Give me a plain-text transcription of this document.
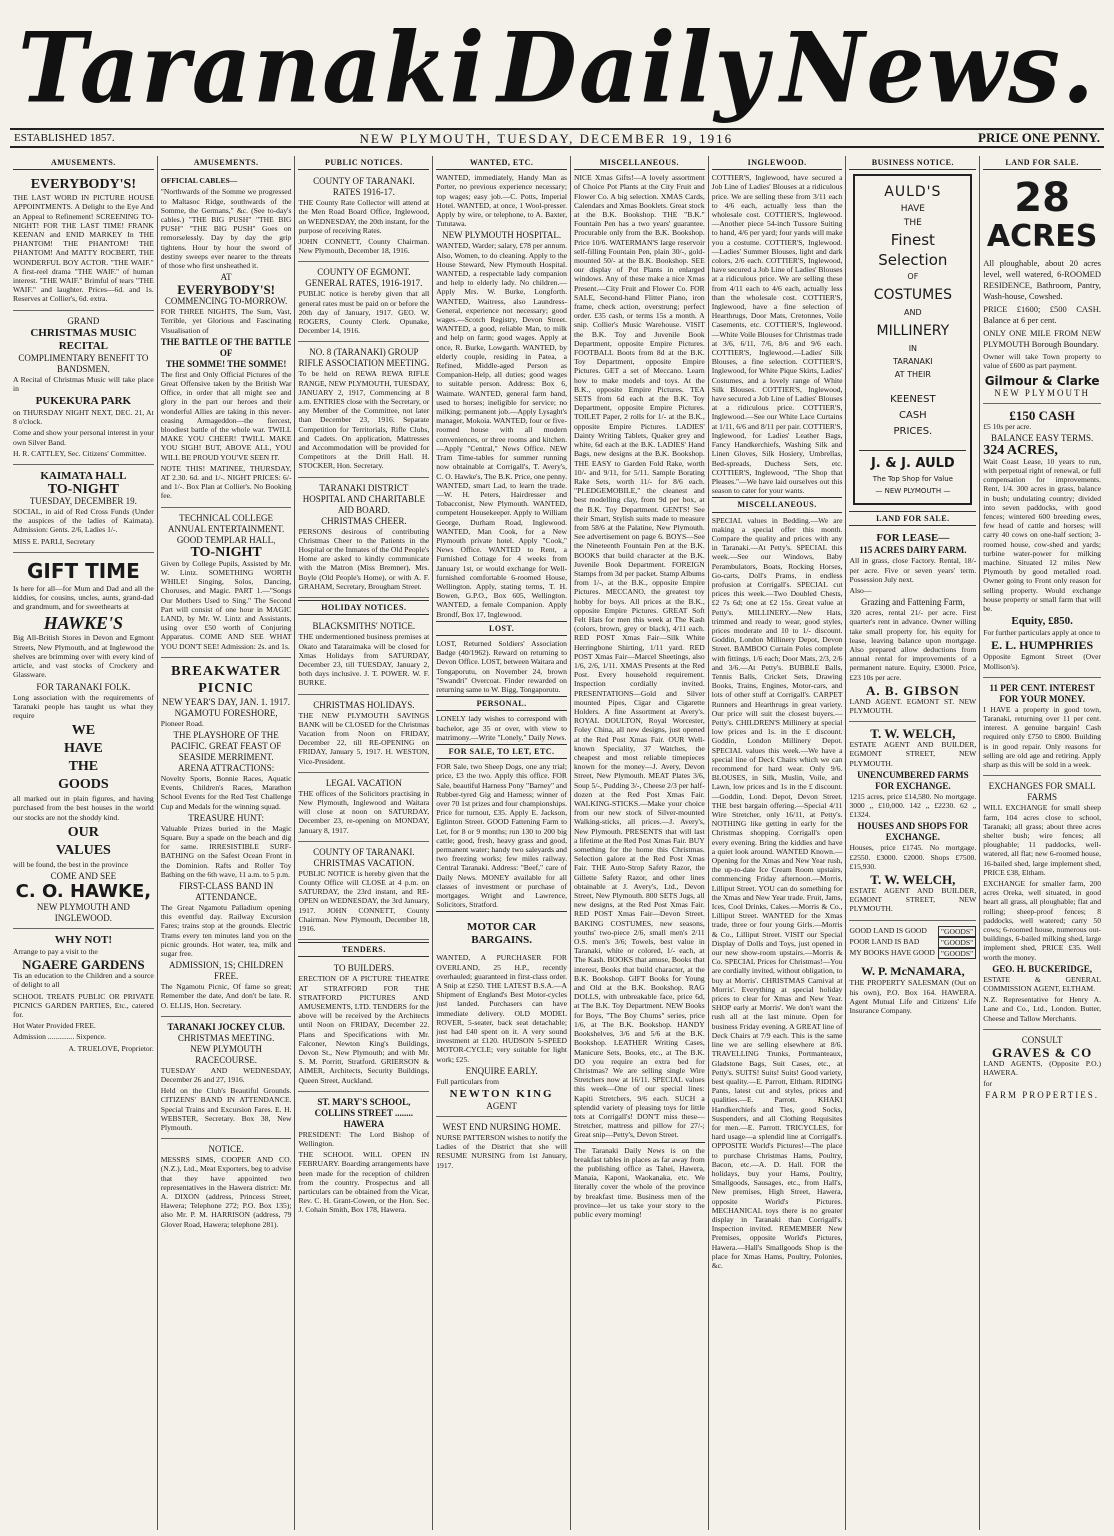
Taranaki Daily News.
ESTABLISHED 1857.	NEW PLYMOUTH, TUESDAY, DECEMBER 19, 1916	PRICE ONE PENNY.
AMUSEMENTS.
EVERYBODY'S!
THE LAST WORD IN PICTURE HOUSE APPOINTMENTS. A Delight to the Eye And an Appeal to Refinement! SCREENING TO-NIGHT! FOR THE LAST TIME! FRANK KEENAN and ENID MARKEY In THE PHANTOM! THE PHANTOM! THE PHANTOM! And MATTY ROCBERT, THE WONDERFUL BOY ACTOR. "THE WAIF." A first-reel drama "THE WAIF." of human interest. "THE WAIF." Brimful of tears "THE WAIF." and laughter. Prices—6d. and 1s. Reserves at Collier's, 6d. extra.
GRAND
CHRISTMAS MUSIC RECITAL
COMPLIMENTARY BENEFIT TO BANDSMEN.
A Recital of Christmas Music will take place in
PUKEKURA PARK
on THURSDAY NIGHT NEXT, DEC. 21, At 8 o'clock.
Come and show your personal interest in your own Silver Band.
H. R. CATTLEY, Sec. Citizens' Committee.
KAIMATA HALL
TO-NIGHT
TUESDAY, DECEMBER 19.
SOCIAL, in aid of Red Cross Funds (Under the auspices of the ladies of Kaimata). Admission: Gents. 2/6, Ladies 1/-.
MISS E. PARLI, Secretary
GIFT TIME
Is here for all—for Mum and Dad and all the kiddies, for cousins, uncles, aunts, grand-dad and grandmum, and for sweethearts at
HAWKE'S
Big All-British Stores in Devon and Egmont Streets, New Plymouth, and at Inglewood the shelves are brimming over with every kind of article, and vast stocks of Crockery and Glassware.
FOR TARANAKI FOLK.
Long association with the requirements of Taranaki people has taught us what they require
WE
HAVE
THE
GOODS
all marked out in plain figures, and having purchased from the best houses in the world our stocks are not the shoddy kind.
OUR
VALUES
will be found, the best in the province
COME AND SEE
C. O. HAWKE,
NEW PLYMOUTH AND INGLEWOOD.
WHY NOT!
Arrange to pay a visit to the
NGAERE GARDENS
Tis an education to the Children and a source of delight to all
SCHOOL TREATS PUBLIC OR PRIVATE PICNICS GARDEN PARTIES, Etc., catered for.
Hot Water Provided FREE.
Admission .............. Sixpence.
A. TRUELOVE, Proprietor.
AMUSEMENTS.
OFFICIAL CABLES—
"Northwards of the Somme we progressed to Maltasoc Ridge, southwards of the Somme, the Germans," &c. (See to-day's cables.) "THE BIG PUSH" "THE BIG PUSH" "THE BIG PUSH" Goes on remorselessly. Day by day the grip tightens. Hour by hour the sword of destiny sweeps ever nearer to the threats of those who first unsheathed it.
AT
EVERYBODY'S!
COMMENCING TO-MORROW.
FOR THREE NIGHTS, The Sum, Vast, Terrible, yet Glorious and Fascinating Visualisation of
THE BATTLE OF THE BATTLE OF
THE SOMME! THE SOMME!
The first and Only Official Pictures of the Great Offensive taken by the British War Office, in order that all might see and glory in the part our heroes and their wonderful Allies are taking in this never-ceasing Armageddon—the fiercest, bloodiest battle of the whole war. TWILL MAKE YOU CHEER! TWILL MAKE YOU SIGH! BUT, ABOVE ALL, YOU WILL BE PROUD YOU'VE SEEN IT.
NOTE THIS! MATINEE, THURSDAY, AT 2.30. 6d. and 1/-. NIGHT PRICES: 6/- and 1/-. Box Plan at Collier's. No Booking fee.
TECHNICAL COLLEGE ANNUAL ENTERTAINMENT.
GOOD TEMPLAR HALL,
TO-NIGHT
Given by College Pupils, Assisted by Mr. W. Lintz. SOMETHING WORTH WHILE! Singing, Solos, Dancing, Choruses, and Magic. PART 1.—"Songs Our Mothers Used to Sing." The Second Part will consist of one hour in MAGIC LAND, by Mr. W. Lintz and Assistants, using over £50 worth of Conjuring Apparatus. COME AND SEE WHAT YOU DON'T SEE! Admission: 2s. and 1s.
BREAKWATER PICNIC
NEW YEAR'S DAY, JAN. 1. 1917.
NGAMOTU FORESHORE,
Pioneer Road.
THE PLAYSHORE OF THE PACIFIC. GREAT FEAST OF SEASIDE MERRIMENT.
ARENA ATTRACTIONS:
Novelty Sports, Bonnie Races, Aquatic Events, Children's Races, Marathon School Events for the Red Test Challenge Cup and Medals for the winning squad.
TREASURE HUNT:
Valuable Prizes buried in the Magic Square. Buy a spade on the beach and dig for same. IRRESISTIBLE SURF-BATHING on the Safest Ocean Front in the Dominion. Rafts and Roller Toy Bathing on the 6th wave, 11 a.m. to 5 p.m.
FIRST-CLASS BAND IN ATTENDANCE.
The Great Ngamotu Palladium opening this eventful day. Railway Excursion Fares; trains stop at the grounds. Electric Trams every ten minutes land you on the picnic grounds. Hot water, tea, milk and sugar free.
ADMISSION, 1S; CHILDREN FREE.
The Ngamotu Picnic, Of fame so great; Remember the date, And don't be late. R. O. ELLIS, Hon. Secretary.
TARANAKI JOCKEY CLUB.
CHRISTMAS MEETING.
NEW PLYMOUTH RACECOURSE.
TUESDAY AND WEDNESDAY, December 26 and 27, 1916.
Held on the Club's Beautiful Grounds. CITIZENS' BAND IN ATTENDANCE. Special Trains and Excursion Fares. E. H. WEBSTER, Secretary. Box 38, New Plymouth.
NOTICE.
MESSRS SIMS, COOPER AND CO. (N.Z.), Ltd., Meat Exporters, beg to advise that they have appointed two representatives in the Hawera district: Mr. A. DIXON (address, Princess Street, Hawera; Telephone 272; P.O. Box 135); also Mr. P. M. HARRISON (address, 79 Glover Road, Hawera; telephone 281).
PUBLIC NOTICES.
COUNTY OF TARANAKI.
RATES 1916-17.
THE County Rate Collector will attend at the Men Road Board Office, Inglewood, on WEDNESDAY, the 20th instant, for the purpose of receiving Rates.
JOHN CONNETT, County Chairman. New Plymouth, December 18, 1916.
COUNTY OF EGMONT.
GENERAL RATES, 1916-1917.
PUBLIC notice is hereby given that all general rates must be paid on or before the 20th day of January, 1917. GEO. W. ROGERS, County Clerk. Opunake, December 14, 1916.
NO. 8 (TARANAKI) GROUP RIFLE ASSOCIATION MEETING.
To be held on REWA REWA RIFLE RANGE, NEW PLYMOUTH, TUESDAY, JANUARY 2, 1917, Commencing at 8 a.m. ENTRIES close with the Secretary, or any Member of the Committee, not later than December 23, 1916. Separate Competition for Territorials, Rifle Clubs, and Cadets. On application, Mattresses and Accommodation will be provided for Competitors at the Drill Hall. H. STOCKER, Hon. Secretary.
TARANAKI DISTRICT HOSPITAL AND CHARITABLE AID BOARD.
CHRISTMAS CHEER.
PERSONS desirous of contributing Christmas Cheer to the Patients in the Hospital or the Inmates of the Old People's Home are asked to kindly communicate with the Matron (Miss Bremner), Mrs. Boyle (Old People's Home), or with A. F. GRAHAM, Secretary, Brougham Street.
HOLIDAY NOTICES.
BLACKSMITHS' NOTICE.
THE undermentioned business premises at Okato and Tataraimaka will be closed for Xmas Holidays from SATURDAY, December 23, till TUESDAY, January 2, both days inclusive. J. T. POWER. W. F. BURKE.
CHRISTMAS HOLIDAYS.
THE NEW PLYMOUTH SAVINGS BANK will be CLOSED for the Christmas Vacation from Noon on FRIDAY, December 22, till RE-OPENING on FRIDAY, January 5, 1917. H. WESTON, Vice-President.
LEGAL VACATION
THE offices of the Solicitors practising in New Plymouth, Inglewood and Waitara will close at noon on SATURDAY, December 23, re-opening on MONDAY, January 8, 1917.
COUNTY OF TARANAKI.
CHRISTMAS VACATION.
PUBLIC NOTICE is hereby given that the County Office will CLOSE at 4 p.m. on SATURDAY, the 23rd instant, and RE-OPEN on WEDNESDAY, the 3rd January, 1917. JOHN CONNETT, County Chairman. New Plymouth, December 18, 1916.
TENDERS.
TO BUILDERS.
ERECTION OF A PICTURE THEATRE AT STRATFORD FOR THE STRATFORD PICTURES AND AMUSEMENTS, LTD. TENDERS for the above will be received by the Architects until Noon on FRIDAY, December 22. Plans and Specifications with Mr. Falconer, Newton King's Buildings, Devon St., New Plymouth; and with Mr. S. M. Porritt, Stratford. GRIERSON & AIMER, Architects, Security Buildings, Queen Street, Auckland.
ST. MARY'S SCHOOL, COLLINS STREET ........ HAWERA
PRESIDENT: The Lord Bishop of Wellington.
THE SCHOOL WILL OPEN IN FEBRUARY. Boarding arrangements have been made for the reception of children from the country. Prospectus and all particulars can be obtained from the Vicar, Rev. C. H. Grant-Cowen, or the Hon. Sec. J. Cohain Smith, Box 178, Hawera.
WANTED, ETC.
WANTED, immediately, Handy Man as Porter, no previous experience necessary; top wages; easy job.—C. Potts, Imperial Hotel. WANTED, at once, 1 Wool-presser. Apply by wire, or telephone, to A. Baxter, Tututawa.
NEW PLYMOUTH HOSPITAL.
WANTED, Warder; salary, £78 per annum. Also, Women, to do cleaning. Apply to the House Steward, New Plymouth Hospital. WANTED, a respectable lady companion and help to elderly lady. No children.—Apply Mrs. W. Burke, Longforth. WANTED, Waitress, also Laundress-General, experience not necessary; good wages.—Scotch Registry, Devon Street. WANTED, a good, reliable Man, to milk and help on farm; good wages. Apply at once, R. Burke, Lowgarth. WANTED, by elderly couple, residing in Patea, a Refined, Middle-aged Person as Companion-Help, all duties; good wages to suitable person. Address: Box 6, Waimate. WANTED, general farm hand, used to horses; ineligible for service; no milking; permanent job.—Apply Lysaght's manager, Mokoia. WANTED, four or five-roomed house with all modern conveniences, or three rooms and kitchen.—Apply "Central," News Office. NEW Tram Time-tables for summer running now obtainable at Corrigall's, T. Avery's, C. O. Hawke's, The B.K. Price, one penny. WANTED, smart Lad, to learn the trade.—W. H. Peters, Hairdresser and Tobacconist, New Plymouth. WANTED, competent Housekeeper. Apply to William George, Durham Road, Inglewood. WANTED, Man Cook, for a New Plymouth private hotel. Apply "Cook," News Office. WANTED to Rent, a Furnished Cottage for 4 weeks from January 1st, or would exchange for Well-furnished comfortable 6-roomed House, Wellington. Apply, stating terms, T. H. Bowen, G.P.O., Box 605, Wellington. WANTED, a female Companion. Apply Brondf, Box 17, Inglewood.
LOST.
LOST, Returned Soldiers' Association Badge (40/1962). Reward on returning to Devon Office. LOST, between Waitara and Tongaporutu, on November 24, brown "Swandri" Overcoat. Finder rewarded on returning same to W. Bigg, Tongaporutu.
PERSONAL.
LONELY lady wishes to correspond with bachelor, age 35 or over, with view to matrimony.—Write "Lonely," Daily News.
FOR SALE, TO LET, ETC.
FOR Sale, two Sheep Dogs, one any trial; price, £3 the two. Apply this office. FOR Sale, beautiful Harness Pony "Barney" and Rubber-tyred Gig and Harness; winner of over 70 1st prizes and four championships. Price for turnout, £35. Apply E. Jackson, Eglinton Street. GOOD Fattening Farm to Let, for 8 or 9 months; run 130 to 200 big cattle; good, fresh, heavy grass and good, permanent water; handy two saleyards and two freezing works; few miles railway. Central Taranaki. Address: "Beef," care of Daily News. MONEY available for all classes of investment or purchase of mortgages. Wright and Lawrence, Solicitors, Stratford.
MOTOR CAR BARGAINS.
WANTED, A PURCHASER FOR OVERLAND, 25 H.P., recently overhauled; guaranteed in first-class order. A Snip at £250. THE LATEST B.S.A.—A Shipment of England's Best Motor-cycles just landed. Purchasers can have immediate delivery. OLD MODEL ROVER, 5-seater, back seat detachable; just had £40 spent on it. A very sound investment at £120. HUDSON 5-SPEED MOTOR-CYCLE; very suitable for light work; £25.
ENQUIRE EARLY.
Full particulars from
NEWTON KING
AGENT
WEST END NURSING HOME.
NURSE PATTERSON wishes to notify the Ladies of the District that she will RESUME NURSING from 1st January, 1917.
MISCELLANEOUS.
NICE Xmas Gifts!—A lovely assortment of Choice Pot Plants at the City Fruit and Flower Co. A big selection. XMAS Cards, Calendars and Xmas Booklets. Great stock at the B.K. Bookshop. THE "B.K." Fountain Pen has a two years' guarantee. Procurable only from the B.K. Bookshop. Price 10/6. WATERMAN'S large reservoir self-filling Fountain Pen, plain 30/-, gold-mounted 50/- at the B.K. Bookshop. SEE our display of Pot Plants in enlarged windows. Any of these make a nice Xmas Present.—City Fruit and Flower Co. FOR SALE, Second-hand Flitter Piano, iron frame, check action, overstrung; perfect order. £35 cash, or terms 15s a month. A snip. Collier's Music Warehouse. VISIT the B.K. Toy and Juvenile Book Department, opposite Empire Pictures. FOOTBALL Boots from 8d at the B.K. Toy Department, opposite Empire Pictures. GET a set of Meccano. Learn how to make models and toys. At the B.K., opposite Empire Pictures. TEA SETS from 6d each at the B.K. Toy Department, opposite Empire Pictures. TOILET Paper, 2 rolls for 1/- at the B.K., opposite Empire Pictures. LADIES' Dainty Writing Tablets, Quaker grey and white, 6d each at the B.K. LADIES' Hand Bags, new designs at the B.K. Bookshop. THE EASY to Garden Fold Rake, worth 10/- and 9/11, for 5/11. Sample Borating Rake Sets, worth 11/- for 8/6 each. "PLEDGEMOBILE," the cleanest and best modelling clay, from 9d per box, at the B.K. Toy Department. GENTS! See their Smart, Stylish suits made to measure from 58/6 at the Palatine, New Plymouth. See advertisement on page 6. BOYS—See the Nineteenth Fountain Pen at the B.K. BOOKS that build character at the B.K. Juvenile Book Department. FOREIGN Stamps from 3d per packet. Stamp Albums from 1/-, at the B.K., opposite Empire Pictures. MECCANO, the greatest toy hobby for boys. All prices at the B.K., opposite Empire Pictures. GREAT Soft Felt Hats for men this week at The Kash (colors, brown, grey or black), 4/11 each. RED POST Xmas Fair—Silk White Herringbone Shirting, 1/11 yard. RED POST Xmas Fair—Marcel Sheetings, also 1/6, 2/6, 1/11. XMAS Presents at the Red Post. Every household requirement. Inspection cordially invited. PRESENTATIONS—Gold and Silver mounted Pipes, Cigar and Cigarette Holders. A fine Assortment at Avery's. ROYAL DOULTON, Royal Worcester, Foley China, all new designs, just opened at the Red Post Xmas Fair. OUR Well-known Speciality, 37 Watches, the cheapest and most reliable timepieces known for the money—J. Avery, Devon Street, New Plymouth. MEAT Plates 3/6, Soup 5/-, Pudding 3/-, Cheese 2/3 per half-dozen at the Red Post Xmas Fair. WALKING-STICKS.—Make your choice from our new stock of Silver-mounted Walking-sticks, all prices.—J. Avery's, New Plymouth. PRESENTS that will last a lifetime at the Red Post Xmas Fair. BUY something for the home this Christmas. Selection galore at the Red Post Xmas Fair. THE Auto-Strop Safety Razor, the Gillette Safety Razor, and other lines obtainable at J. Avery's, Ltd., Devon Street, New Plymouth. 800 SETS Jugs, all new designs, at the Red Post Xmas Fair. RED POST Xmas Fair—Devon Street. BAKING COSTUMES, new seasons, youths' two-piece 2/6, small men's 2/11 O.S. men's 3/6; Towels, best value in Taranaki, white or colored, 1/- each, at The Kash. BOOKS that amuse, Books that interest, Books that build character, at the B.K. Bookshop. GIFT Books for Young and Old at the B.K. Bookshop. RAG DOLLS, with unbreakable face, price 6d, at The B.K. Toy Department. NEW Books for Boys, "The Boy Chums" series, price 1/6, at The B.K. Bookshop. HANDY Bookshelves, 3/6 and 5/6 at the B.K. Bookshop. LEATHER Writing Cases, Manicure Sets, Books, etc., at The B.K. DO you require an extra bed for Christmas? We are selling single Wire Stretchers now at 16/11. SPECIAL values this week—One of our special lines: Kapiti Stretchers, 9/6 each. SUCH a splendid variety of pleasing toys for little tots at Corrigall's! DON'T miss these—Stretcher, mattress and pillow for 27/-; Great snip—Petty's, Devon Street.
The Taranaki Daily News is on the breakfast tables in places as far away from the publishing office as Tahei, Hawera, Manaia, Kaponi, Waokanaka, etc. We literally cover the whole of the province by breakfast time. Business men of the province—let us take your story to the public every morning!
INGLEWOOD.
COTTIER'S, Inglewood, have secured a Job Line of Ladies' Blouses at a ridiculous price. We are selling these from 3/11 each to 4/6 each, actually less than the wholesale cost. COTTIER'S, Inglewood.—Another piece 54-inch Tussore Suiting to hand, 4/6 per yard; four yards will make you a costume. COTTIER'S, Inglewood.—Ladies' Summer Blouses, light and dark colors, 2/6 each. COTTIER'S, Inglewood, have secured a Job Line of Ladies' Blouses at a ridiculous price. We are selling these from 4/11 each to 4/6 each, actually less than the wholesale cost. COTTIER'S, Inglewood, have a fine selection of Hearthrugs, Door Mats, Cretonnes, Voile Casements, etc. COTTIER'S, Inglewood.—White Voile Blouses for Christmas trade at 3/6, 6/11, 7/6, 8/6 and 9/6 each. COTTIER'S, Inglewood.—Ladies' Silk Blouses, a fine selection. COTTIER'S, Inglewood, for White Pique Skirts, Ladies' Costumes, and a lovely range of White Silk Blouses. COTTIER'S, Inglewood, have secured a Job Line of Ladies' Blouses at a ridiculous price. COTTIER'S, Inglewood.—See our White Lace Curtains at 1/11, 6/6 and 8/11 per pair. COTTIER'S, Inglewood, for Ladies' Leather Bags, Fancy Handkerchiefs, Washing Silk and Linen Gloves, Silk Hosiery, Umbrellas, Bed-spreads, Duchess Sets, etc. COTTIER'S, Inglewood, "The Shop that Pleases."—We have laid ourselves out this season to cater for your wants.
MISCELLANEOUS.
SPECIAL values in Bedding.—We are making a special offer this month. Compare the quality and prices with any in Taranaki.—At Petty's. SPECIAL this week.—See our Windows, Baby Perambulators, Boats, Rocking Horses, Go-carts, Doll's Prams, in endless profusion at Corrigall's. SPECIAL cut prices this week.—Two Doubled Chests, £2 7s 6d; one at £2 15s. Great value at Petty's. MILLINERY.—New Hats, trimmed and ready to wear, good styles, prices moderate and 10 to 1/- discount. Goddin, London Millinery Depot, Devon Street. BAMBOO Curtain Poles complete with fittings, 1/6 each; Door Mats, 2/3, 2/6 and 3/6.—At Petty's. BUBBLE Balls, Tennis Balls, Cricket Sets, Drawing Books, Trains, Engines, Motor-cars, and lots of other stuff at Corrigall's. CARPET Runners and Hearthrugs in great variety. Our price will suit the closest buyers.—Petty's. CHILDREN'S Millinery at special low prices and 1s. in the £ discount. Goddin, London Millinery Depot. SPECIAL values this week.—We have a special line of Deck Chairs which we can recommend for hard wear. Only 9/6. BLOUSES, in Silk, Muslin, Voile, and Lawn, low prices and 1s in the £ discount.—Goddin, Lond. Depot, Devon Street. THE best bargain offering.—Special 4/11 Wire Stretcher, only 16/11, at Petty's. NOTHING like getting in early for the Christmas shopping. Corrigall's open every evening. Bring the kiddies and have a quiet look around. WANTED Known.—Opening for the Xmas and New Year rush, the up-to-date Ice Cream Room upstairs, commencing Friday afternoon.—Morris, Lilliput Street. YOU can do something for the Xmas and New Year trade. Fruit, Jams, Ices, Cool Drinks, Cakes.—Morris & Co., Lilliput Street. WANTED for the Xmas trade, three or four young Girls.—Morris & Co., Lilliput Street. VISIT our Special Display of Dolls and Toys, just opened in our new show-room upstairs.—Morris & Co. SPECIAL Prices for Christmas!—You are cordially invited, without obligation, to buy at Morris'. CHRISTMAS Carnival at Morris'. Everything at special holiday prices to clear for Xmas and New Year. SHOP early at Morris'. We don't want the rush all at the last minute. Open for business Friday evening. A GREAT line of Deck Chairs at 7/9 each. This is the same line we are selling elsewhere at 8/6. TRAVELLING Trunks, Portmanteaux, Gladstone Bags, Suit Cases, etc., at Petty's. SUITS! Suits! Suits! Good variety, best quality.—E. Parrott, Eltham. RIDING Pants, latest cut and styles, prices and qualities.—E. Parrott. KHAKI Handkerchiefs and Ties, good Socks, Suspenders, and all Clothing Requisites for men.—E. Parrott. TRICYCLES, for hard usage—a splendid line at Corrigall's. OPPOSITE World's Pictures!—The place to purchase Christmas Hams, Poultry, Bacon, etc.—A. D. Hall. FOR the holidays, buy your Hams, Poultry, Smallgoods, Sausages, etc., from Hall's, New premises, High Street, Hawera, opposite World's Pictures. MECHANICAL toys there is no greater display in Taranaki than Corrigall's. Inspection invited. REMEMBER New Premises, opposite World's Pictures, Hawera.—Hall's Smallgoods Shop is the place for Xmas Hams, Poultry, Polonies, &c.
BUSINESS NOTICE.
AULD'S
HAVE
THE
Finest
Selection
OF
COSTUMES
AND
MILLINERY
IN
TARANAKI
AT THEIR
KEENEST
CASH
PRICES.
J. & J. AULD
The Top Shop for Value
— NEW PLYMOUTH —
LAND FOR SALE.
FOR LEASE—
115 ACRES DAIRY FARM.
All in grass, close Factory. Rental, 18/- per acre. Five or seven years' term. Possession July next.
Also—
Grazing and Fattening Farm,
320 acres, rental 21/- per acre. First quarter's rent in advance. Owner willing take small property for, his equity for lease, leaving balance upon mortgage. Also prepared allow deductions from annual rental for improvements of a permanent nature. Equity, £3000. Price, £23 10s per acre.
A. B. GIBSON
LAND AGENT. EGMONT ST. NEW PLYMOUTH.
T. W. WELCH,
ESTATE AGENT AND BUILDER, EGMONT STREET, NEW PLYMOUTH.
UNENCUMBERED FARMS FOR EXCHANGE.
1215 acres, price £14,580. No mortgage. 3000 ,, £10,000. 142 ,, £2230. 62 ,, £1324.
HOUSES AND SHOPS FOR EXCHANGE.
Houses, price £1745. No mortgage. £2550. £3000. £2000. Shops £7500. £15,930.
T. W. WELCH,
ESTATE AGENT AND BUILDER, EGMONT STREET, NEW PLYMOUTH.
GOOD LAND IS GOOD	"GOODS"
POOR LAND IS BAD	"GOODS"
MY BOOKS HAVE GOOD "GOODS"
W. P. McNAMARA,
THE PROPERTY SALESMAN (Out on his own), P.O. Box 164. HAWERA. Agent Mutual Life and Citizens' Life Insurance Company.
LAND FOR SALE.
28
ACRES
All ploughable, about 20 acres level, well watered, 6-ROOMED RESIDENCE, Bathroom, Pantry, Wash-house, Cowshed.
PRICE £1600; £500 CASH. Balance at 6 per cent.
ONLY ONE MILE FROM NEW PLYMOUTH Borough Boundary.
Owner will take Town property to value of £600 as part payment.
Gilmour & Clarke
NEW PLYMOUTH
£150 CASH
£5 10s per acre.
BALANCE EASY TERMS.
324 ACRES,
Wait Coast Lease, 10 years to run, with perpetual right of renewal, or full compensation for improvements. Rent, 1/4. 300 acres in grass, balance in bush; undulating country; divided into seven paddocks, with good fences; wintered 600 breeding ewes, few head of cattle and horses; will carry 40 cows on one-half section; 3-roomed house, cow-shed and yards; turbine water-power for milking machine. Situated 12 miles New Plymouth by good metalled road. Owner going to Front only reason for selling property. Would exchange house property or small farm that will be.
Equity, £850.
For further particulars apply at once to
E. L. HUMPHRIES
Opposite Egmont Street (Over Mollison's).
11 PER CENT. INTEREST FOR YOUR MONEY.
I HAVE a property in good town, Taranaki, returning over 11 per cent. interest. A genuine bargain! Cash required only £750 to £800. Building is in good repair. Only reasons for selling are old age and retiring. Apply sharp as this will be sold in a week.
EXCHANGES FOR SMALL FARMS
WILL EXCHANGE for small sheep farm, 104 acres close to school, Taranaki; all grass; about three acres shelter bush; wire fences; all ploughable; 11 paddocks, well-watered, all flat; new 6-roomed house, 16-bailed shed, large implement shed, PRICE £38, Eltham.
EXCHANGE for smaller farm, 200 acres Oreka, well situated, in good heart all grass, all ploughable; flat and rolling; sheep-proof fences; 8 paddocks, well watered; carry 50 cows; 6-roomed house, numerous out-buildings, 6-bailed milking shed, large implement shed, PRICE £35. Well worth the money.
GEO. H. BUCKERIDGE,
ESTATE & GENERAL COMMISSION AGENT, ELTHAM.
N.Z. Representative for Henry A. Lane and Co., Ltd., London. Butter, Cheese and Tallow Merchants.
CONSULT
GRAVES & CO
LAND AGENTS, (Opposite P.O.) HAWERA.
for
FARM PROPERTIES.
